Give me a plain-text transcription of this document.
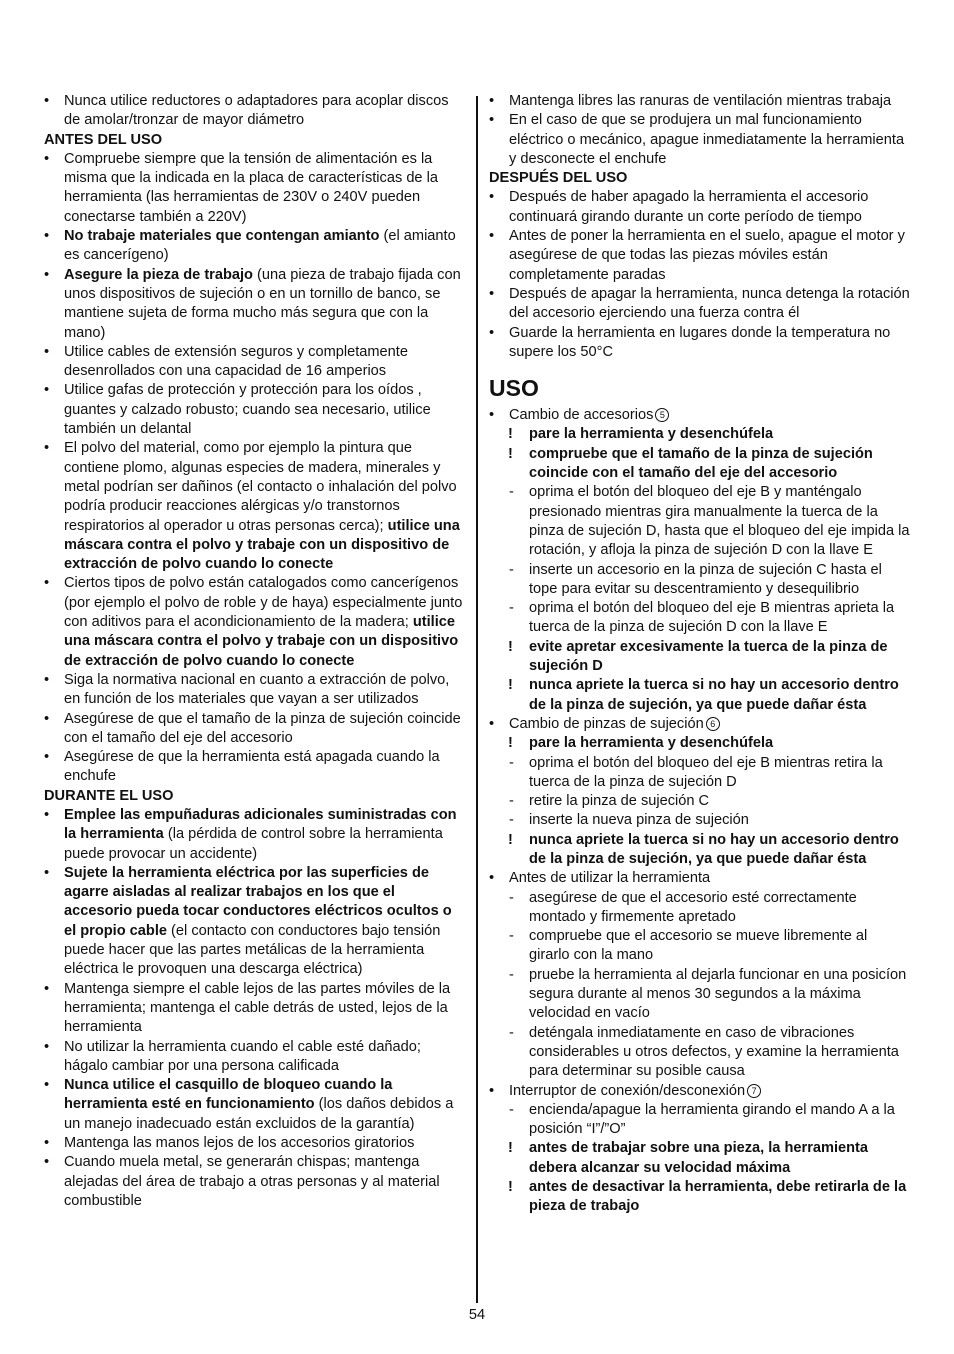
•	Nunca utilice reductores o adaptadores para acoplar discos de amolar/tronzar de mayor diámetro
ANTES DEL USO
•	Compruebe siempre que la tensión de alimentación es la misma que la indicada en la placa de características de la herramienta (las herramientas de 230V o 240V pueden conectarse también a 220V)
•	No trabaje materiales que contengan amianto (el amianto es cancerígeno)
•	Asegure la pieza de trabajo (una pieza de trabajo fijada con unos dispositivos de sujeción o en un tornillo de banco, se mantiene sujeta de forma mucho más segura que con la mano)
•	Utilice cables de extensión seguros y completamente desenrollados con una capacidad de 16 amperios
•	Utilice gafas de protección y protección para los oídos , guantes y calzado robusto; cuando sea necesario, utilice también un delantal
•	El polvo del material, como por ejemplo la pintura que contiene plomo, algunas especies de madera, minerales y metal podrían ser dañinos (el contacto o inhalación del polvo podría producir reacciones alérgicas y/o transtornos respiratorios al operador u otras personas cerca); utilice una máscara contra el polvo y trabaje con un dispositivo de extracción de polvo cuando lo conecte
•	Ciertos tipos de polvo están catalogados como cancerígenos (por ejemplo el polvo de roble y de haya) especialmente junto con aditivos para el acondicionamiento de la madera; utilice una máscara contra el polvo y trabaje con un dispositivo de extracción de polvo cuando lo conecte
•	Siga la normativa nacional en cuanto a extracción de polvo, en función de los materiales que vayan a ser utilizados
•	Asegúrese de que el tamaño de la pinza de sujeción coincide con el tamaño del eje del accesorio
•	Asegúrese de que la herramienta está apagada cuando la enchufe
DURANTE EL USO
•	Emplee las empuñaduras adicionales suministradas con la herramienta (la pérdida de control sobre la herramienta puede provocar un accidente)
•	Sujete la herramienta eléctrica por las superficies de agarre aisladas al realizar trabajos en los que el accesorio pueda tocar conductores eléctricos ocultos o el propio cable (el contacto con conductores bajo tensión puede hacer que las partes metálicas de la herramienta eléctrica le provoquen una descarga eléctrica)
•	Mantenga siempre el cable lejos de las partes móviles de la herramienta; mantenga el cable detrás de usted, lejos de la herramienta
•	No utilizar la herramienta cuando el cable esté dañado; hágalo cambiar por una persona calificada
•	Nunca utilice el casquillo de bloqueo cuando la herramienta esté en funcionamiento (los daños debidos a un manejo inadecuado están excluidos de la garantía)
•	Mantenga las manos lejos de los accesorios giratorios
•	Cuando muela metal, se generarán chispas; mantenga alejadas del área de trabajo a otras personas y al material combustible
•	Mantenga libres las ranuras de ventilación mientras trabaja
•	En el caso de que se produjera un mal funcionamiento eléctrico o mecánico, apague inmediatamente la herramienta y desconecte el enchufe
DESPUÉS DEL USO
•	Después de haber apagado la herramienta el accesorio continuará girando durante un corte período de tiempo
•	Antes de poner la herramienta en el suelo, apague el motor y asegúrese de que todas las piezas móviles están completamente paradas
•	Después de apagar la herramienta, nunca detenga la rotación del accesorio ejerciendo una fuerza contra él
•	Guarde la herramienta en lugares donde la temperatura no supere los 50°C
USO
•	Cambio de accesorios 5
!	pare la herramienta y desenchúfela
!	compruebe que el tamaño de la pinza de sujeción coincide con el tamaño del eje del accesorio
-	oprima el botón del bloqueo del eje B y manténgalo presionado mientras gira manualmente la tuerca de la pinza de sujeción D, hasta que el bloqueo del eje impida la rotación, y afloja la pinza de sujeción D con la llave E
-	inserte un accesorio en la pinza de sujeción C hasta el tope para evitar su descentramiento y desequilibrio
-	oprima el botón del bloqueo del eje B mientras aprieta la tuerca de la pinza de sujeción D con la llave E
!	evite apretar excesivamente la tuerca de la pinza de sujeción D
!	nunca apriete la tuerca si no hay un accesorio dentro de la pinza de sujeción, ya que puede dañar ésta
•	Cambio de pinzas de sujeción 6
!	pare la herramienta y desenchúfela
-	oprima el botón del bloqueo del eje B mientras retira la tuerca de la pinza de sujeción D
-	retire la pinza de sujeción C
-	inserte la nueva pinza de sujeción
!	nunca apriete la tuerca si no hay un accesorio dentro de la pinza de sujeción, ya que puede dañar ésta
•	Antes de utilizar la herramienta
-	asegúrese de que el accesorio esté correctamente montado y firmemente apretado
-	compruebe que el accesorio se mueve libremente al girarlo con la mano
-	pruebe la herramienta al dejarla funcionar en una posicíon segura durante al menos 30 segundos a la máxima velocidad en vacío
-	deténgala inmediatamente en caso de vibraciones considerables u otros defectos, y examine la herramienta para determinar su posible causa
•	Interruptor de conexión/desconexión 7
-	encienda/apague la herramienta girando el mando A a la posición “I”/”O”
!	antes de trabajar sobre una pieza, la herramienta debera alcanzar su velocidad máxima
!	antes de desactivar la herramienta, debe retirarla de la pieza de trabajo
54
